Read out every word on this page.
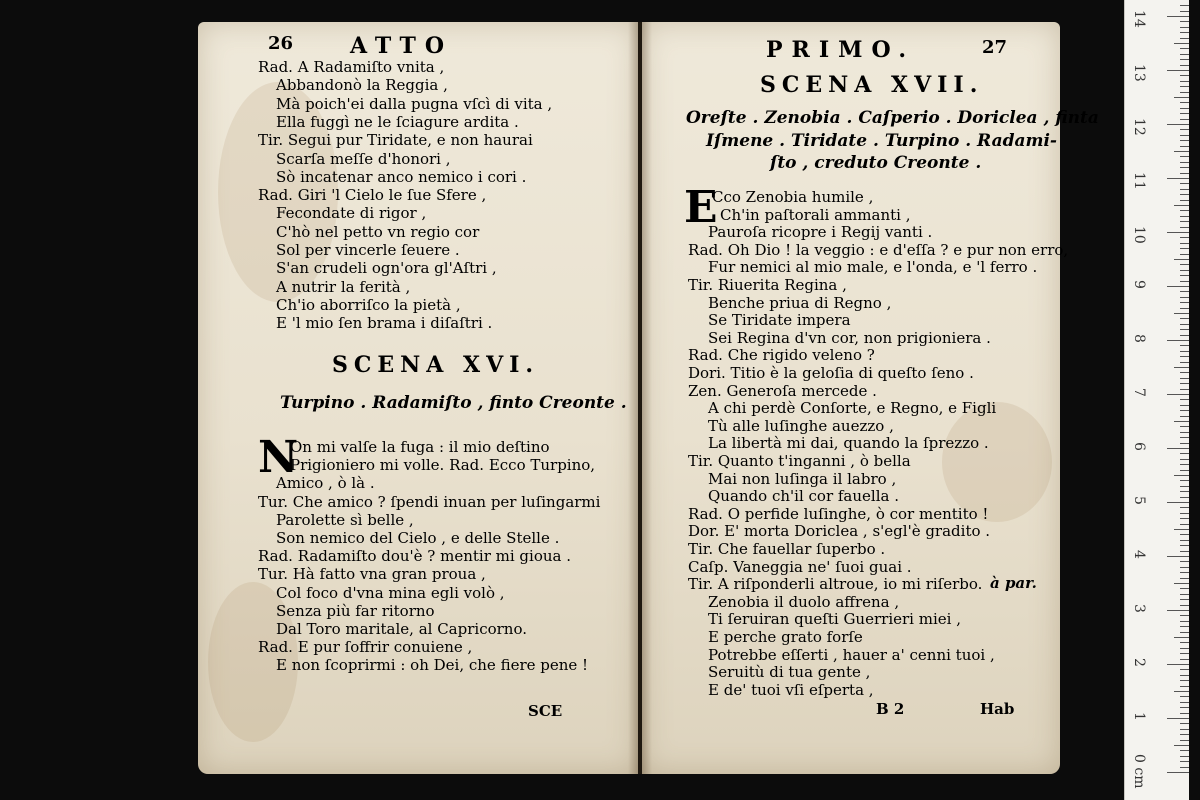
26	ATTO
Rad. A Radamiſto vnita ,
Abbandonò la Reggia ,
Mà poich'ei dalla pugna vſcì di vita ,
Ella fuggì ne le ſciagure ardita .
Tir. Segui pur Tiridate, e non haurai
Scarſa meſſe d'honori ,
Sò incatenar anco nemico i cori .
Rad. Giri 'l Cielo le ſue Sfere ,
Fecondate di rigor ,
C'hò nel petto vn regio cor
Sol per vincerle ſeuere .
S'an crudeli ogn'ora gl'Aſtri ,
A nutrir la ferità ,
Ch'io aborriſco la pietà ,
E 'l mio ſen brama i diſaſtri .
SCENA XVI.
Turpino . Radamiſto , finto Creonte .
N
On mi valſe la fuga : il mio deſtino
Prigioniero mi volle. Rad. Ecco Turpino,
Amico , ò là .
Tur. Che amico ? ſpendi inuan per luſingarmi
Parolette sì belle ,
Son nemico del Cielo , e delle Stelle .
Rad. Radamiſto dou'è ? mentir mi gioua .
Tur. Hà fatto vna gran proua ,
Col foco d'vna mina egli volò ,
Senza più far ritorno
Dal Toro maritale, al Capricorno.
Rad. E pur ſoffrir conuiene ,
E non ſcoprirmi : oh Dei, che fiere pene !
SCE
PRIMO.	27
SCENA XVII.
Oreſte . Zenobia . Caſperio . Doriclea , finta
Iſmene . Tiridate . Turpino . Radami-
ſto , creduto Creonte .
E
Cco Zenobia humile ,
Ch'in paſtorali ammanti ,
Pauroſa ricopre i Regij vanti .
Rad. Oh Dio ! la veggio : e d'eſſa ? e pur non erro,
Fur nemici al mio male, e l'onda, e 'l ferro .
Tir. Riuerita Regina ,
Benche priua di Regno ,
Se Tiridate impera
Sei Regina d'vn cor, non prigioniera .
Rad. Che rigido veleno ?
Dori. Titio è la geloſia di queſto ſeno .
Zen. Generoſa mercede .
A chi perdè Conſorte, e Regno, e Figli
Tù alle luſinghe auezzo ,
La libertà mi dai, quando la ſprezzo .
Tir. Quanto t'inganni , ò bella
Mai non luſinga il labro ,
Quando ch'il cor fauella .
Rad. O perfide luſinghe, ò cor mentito !
Dor. E' morta Doriclea , s'egl'è gradito .
Tir. Che fauellar ſuperbo .
Caſp. Vaneggia ne' ſuoi guai .
Tir. A riſponderli altroue, io mi riſerbo.
Zenobia il duolo affrena ,
Ti ſeruiran queſti Guerrieri miei ,
E perche grato forſe
Potrebbe eſſerti , hauer a' cenni tuoi ,
Seruitù di tua gente ,
E de' tuoi vſi eſperta ,
à par.
B 2	Hab
0 cm
1
2
3
4
5
6
7
8
9
10
11
12
13
14
